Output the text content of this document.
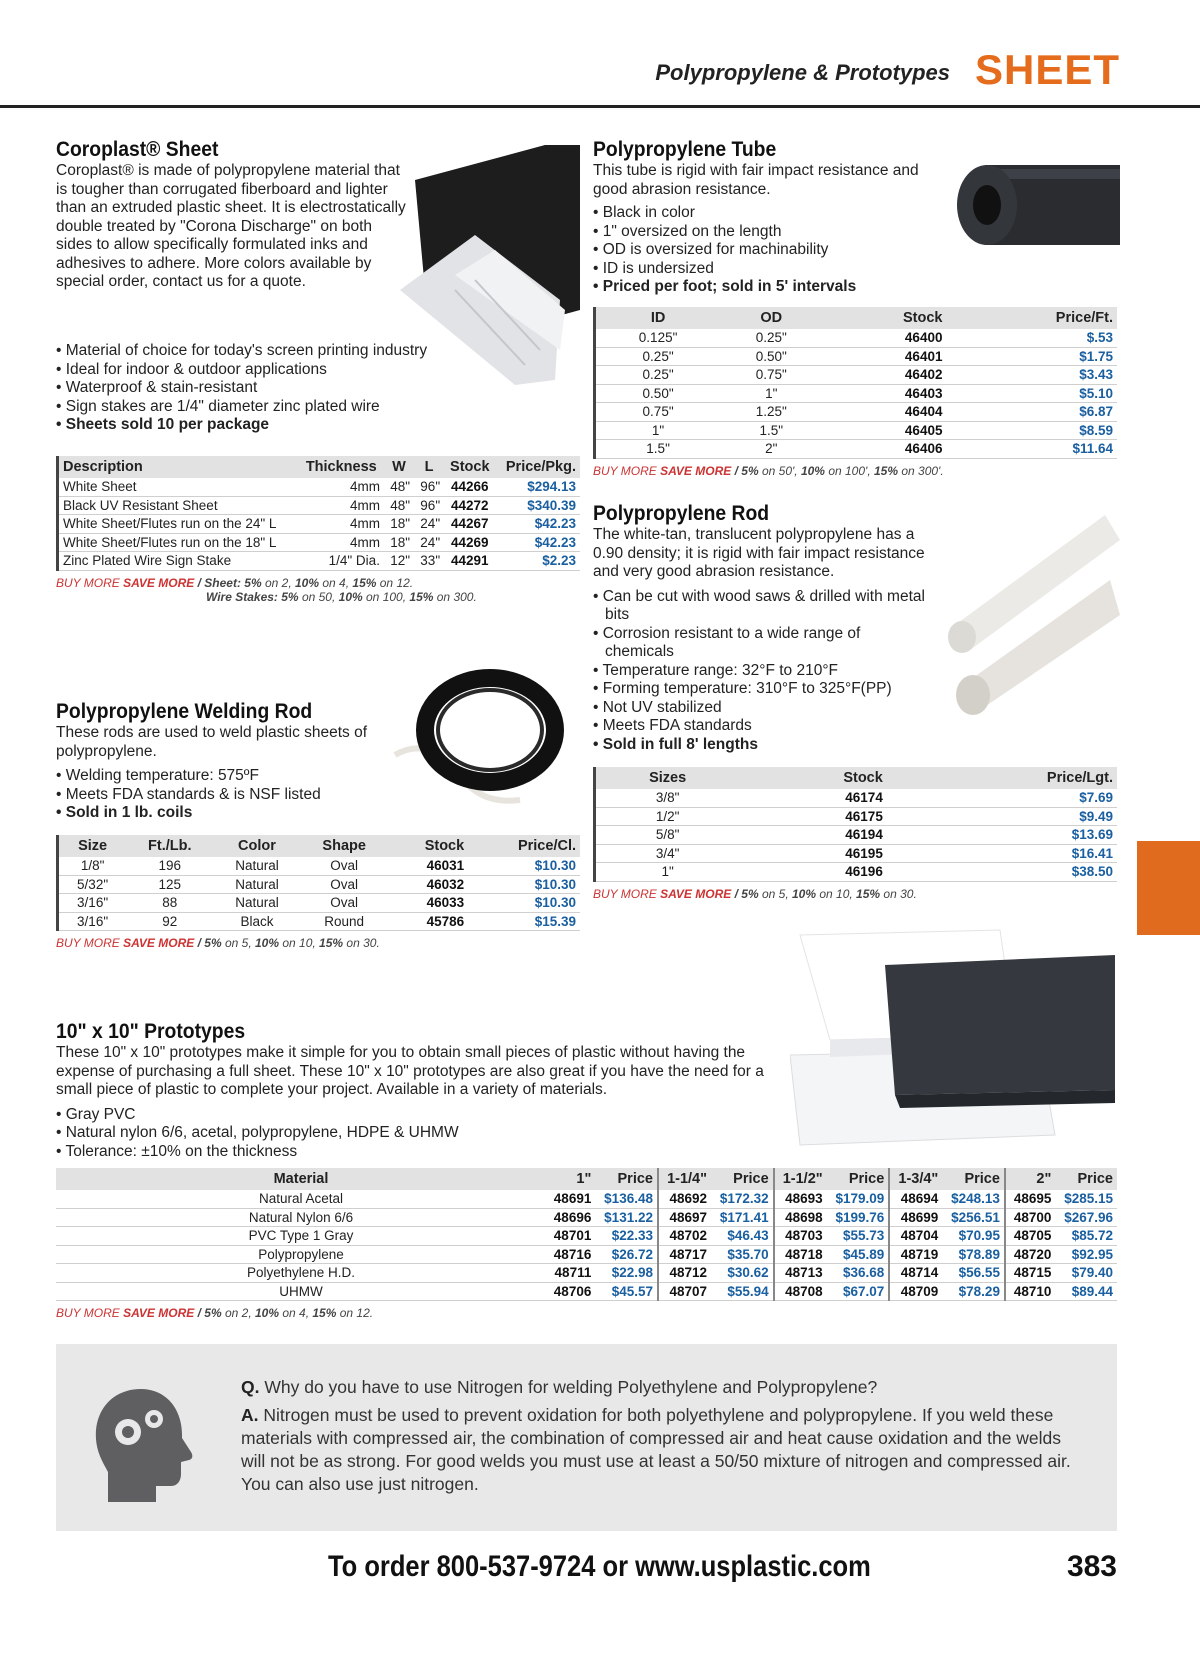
Polypropylene & Prototypes SHEET
Coroplast® Sheet

Coroplast® is made of polypropylene material that is tougher than corrugated fiberboard and lighter than an extruded plastic sheet. It is electrostatically double treated by "Corona Discharge" on both sides to allow specifically formulated inks and adhesives to adhere. More colors available by special order, contact us for a quote.

• Material of choice for today's screen printing industry
• Ideal for indoor & outdoor applications
• Waterproof & stain-resistant
• Sign stakes are 1/4" diameter zinc plated wire
• Sheets sold 10 per package
Description	Thickness	W	L	Stock	Price/Pkg.
White Sheet	4mm	48"	96"	44266	$294.13
Black UV Resistant Sheet	4mm	48"	96"	44272	$340.39
White Sheet/Flutes run on the 24" L	4mm	18"	24"	44267	$42.23
White Sheet/Flutes run on the 18" L	4mm	18"	24"	44269	$42.23
Zinc Plated Wire Sign Stake	1/4" Dia.	12"	33"	44291	$2.23
BUY MORE SAVE MORE / Sheet: 5% on 2, 10% on 4, 15% on 12.
Wire Stakes: 5% on 50, 10% on 100, 15% on 300.
Polypropylene Tube

This tube is rigid with fair impact resistance and good abrasion resistance.

• Black in color
• 1" oversized on the length
• OD is oversized for machinability
• ID is undersized
• Priced per foot; sold in 5' intervals
ID	OD	Stock	Price/Ft.
0.125"	0.25"	46400	$.53
0.25"	0.50"	46401	$1.75
0.25"	0.75"	46402	$3.43
0.50"	1"	46403	$5.10
0.75"	1.25"	46404	$6.87
1"	1.5"	46405	$8.59
1.5"	2"	46406	$11.64
BUY MORE SAVE MORE / 5% on 50', 10% on 100', 15% on 300'.
Polypropylene Rod

The white-tan, translucent polypropylene has a 0.90 density; it is rigid with fair impact resistance and very good abrasion resistance.

• Can be cut with wood saws & drilled with metal bits
• Corrosion resistant to a wide range of chemicals
• Temperature range: 32°F to 210°F
• Forming temperature: 310°F to 325°F(PP)
• Not UV stabilized
• Meets FDA standards
• Sold in full 8' lengths
Sizes	Stock	Price/Lgt.
3/8"	46174	$7.69
1/2"	46175	$9.49
5/8"	46194	$13.69
3/4"	46195	$16.41
1"	46196	$38.50
BUY MORE SAVE MORE / 5% on 5, 10% on 10, 15% on 30.
Polypropylene Welding Rod

These rods are used to weld plastic sheets of polypropylene.

• Welding temperature: 575ºF
• Meets FDA standards & is NSF listed
• Sold in 1 lb. coils
Size	Ft./Lb.	Color	Shape	Stock	Price/Cl.
1/8"	196	Natural	Oval	46031	$10.30
5/32"	125	Natural	Oval	46032	$10.30
3/16"	88	Natural	Oval	46033	$10.30
3/16"	92	Black	Round	45786	$15.39
BUY MORE SAVE MORE / 5% on 5, 10% on 10, 15% on 30.
10" x 10" Prototypes

These 10" x 10" prototypes make it simple for you to obtain small pieces of plastic without having the expense of purchasing a full sheet. These 10" x 10" prototypes are also great if you have the need for a small piece of plastic to complete your project. Available in a variety of materials.

• Gray PVC
• Natural nylon 6/6, acetal, polypropylene, HDPE & UHMW
• Tolerance: ±10% on the thickness
Material	1"	Price	1-1/4"	Price	1-1/2"	Price	1-3/4"	Price	2"	Price
Natural Acetal	48691	$136.48	48692	$172.32	48693	$179.09	48694	$248.13	48695	$285.15
Natural Nylon 6/6	48696	$131.22	48697	$171.41	48698	$199.76	48699	$256.51	48700	$267.96
PVC Type 1 Gray	48701	$22.33	48702	$46.43	48703	$55.73	48704	$70.95	48705	$85.72
Polypropylene	48716	$26.72	48717	$35.70	48718	$45.89	48719	$78.89	48720	$92.95
Polyethylene H.D.	48711	$22.98	48712	$30.62	48713	$36.68	48714	$56.55	48715	$79.40
UHMW	48706	$45.57	48707	$55.94	48708	$67.07	48709	$78.29	48710	$89.44
BUY MORE SAVE MORE / 5% on 2, 10% on 4, 15% on 12.
Q. Why do you have to use Nitrogen for welding Polyethylene and Polypropylene?
A. Nitrogen must be used to prevent oxidation for both polyethylene and polypropylene. If you weld these materials with compressed air, the combination of compressed air and heat cause oxidation and the welds will not be as strong. For good welds you must use at least a 50/50 mixture of nitrogen and compressed air. You can also use just nitrogen.
To order 800-537-9724 or www.usplastic.com	383
